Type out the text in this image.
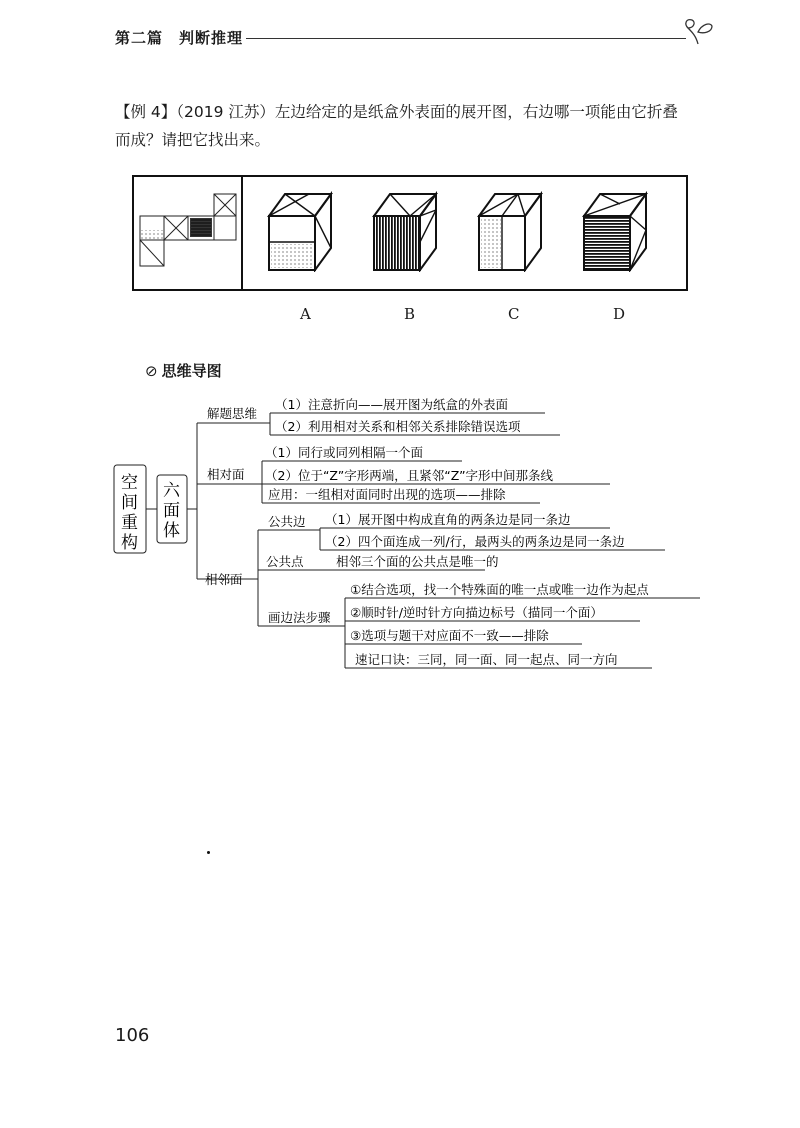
第二篇　判断推理
【例 4】（2019 江苏）左边给定的是纸盒外表面的展开图，右边哪一项能由它折叠而成？请把它找出来。
A	B	C	D
⊘ 思维导图
空
间
重
构
六
面
体
解题思维
（1）注意折向——展开图为纸盒的外表面
（2）利用相对关系和相邻关系排除错误选项
相对面
（1）同行或同列相隔一个面
（2）位于“Z”字形两端，且紧邻“Z”字形中间那条线
应用：一组相对面同时出现的选项——排除
相邻面
公共边 （1）展开图中构成直角的两条边是同一条边
（2）四个面连成一列/行，最两头的两条边是同一条边
公共点	相邻三个面的公共点是唯一的
画边法步骤
①结合选项，找一个特殊面的唯一点或唯一边作为起点
②顺时针/逆时针方向描边标号（描同一个面）
③选项与题干对应面不一致——排除
速记口诀：三同，同一面、同一起点、同一方向
106
